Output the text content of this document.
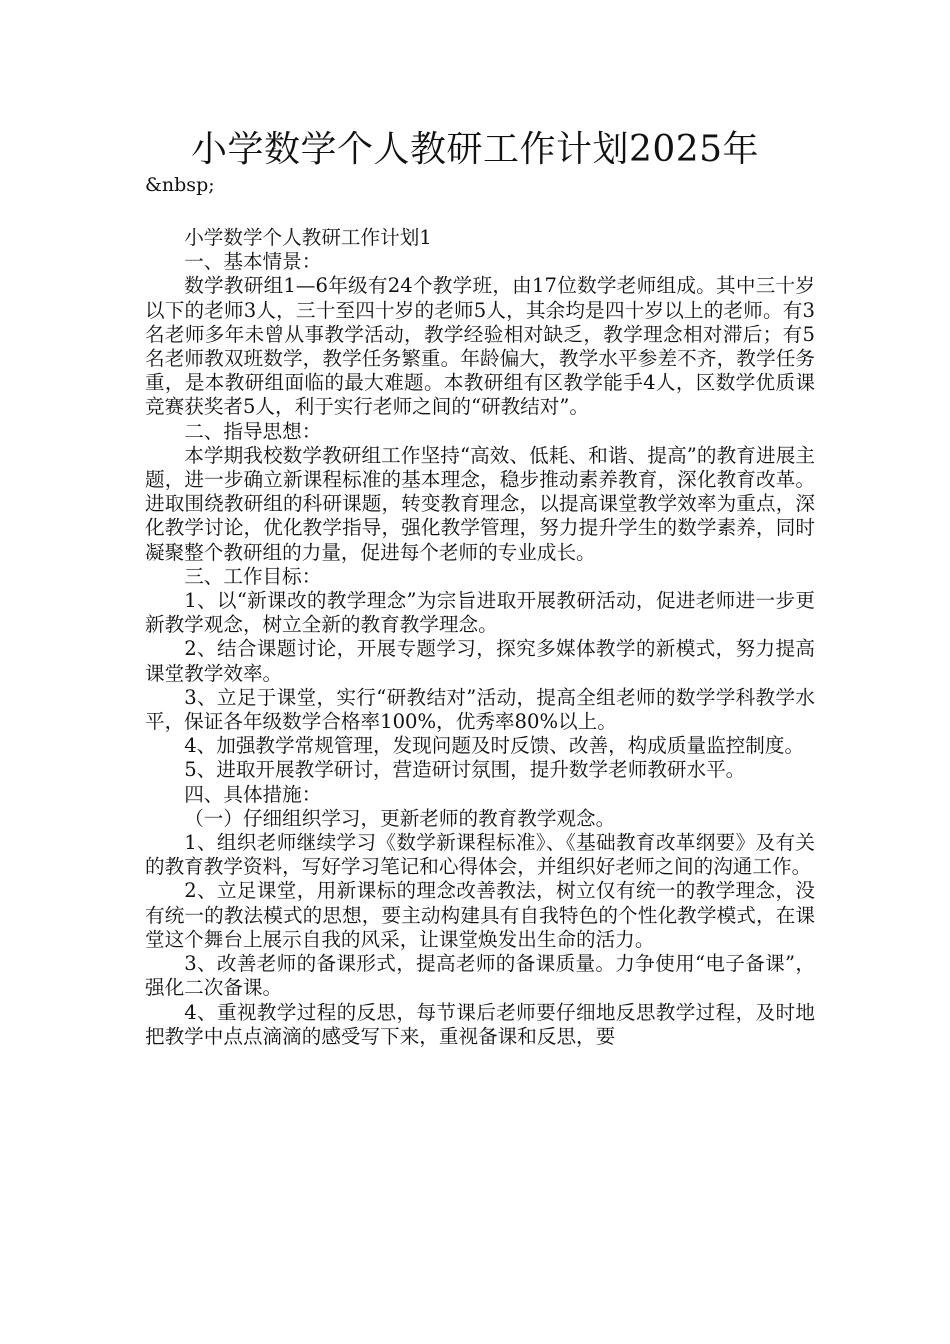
小学数学个人教研工作计划2025年
&nbsp;

小学数学个人教研工作计划1

一、基本情景：

数学教研组1—6年级有24个教学班，由17位数学老师组成。其中三十岁以下的老师3人，三十至四十岁的老师5人，其余均是四十岁以上的老师。有3名老师多年未曾从事教学活动，教学经验相对缺乏，教学理念相对滞后；有5名老师教双班数学，教学任务繁重。年龄偏大，教学水平参差不齐，教学任务重，是本教研组面临的最大难题。本教研组有区教学能手4人，区数学优质课竞赛获奖者5人，利于实行老师之间的“研教结对”。

二、指导思想：

本学期我校数学教研组工作坚持“高效、低耗、和谐、提高”的教育进展主题，进一步确立新课程标准的基本理念，稳步推动素养教育，深化教育改革。进取围绕教研组的科研课题，转变教育理念，以提高课堂教学效率为重点，深化教学讨论，优化教学指导，强化教学管理，努力提升学生的数学素养，同时凝聚整个教研组的力量，促进每个老师的专业成长。

三、工作目标：

1、以“新课改的教学理念”为宗旨进取开展教研活动，促进老师进一步更新教学观念，树立全新的教育教学理念。

2、结合课题讨论，开展专题学习，探究多媒体教学的新模式，努力提高课堂教学效率。

3、立足于课堂，实行“研教结对”活动，提高全组老师的数学学科教学水平，保证各年级数学合格率100%，优秀率80%以上。

4、加强教学常规管理，发现问题及时反馈、改善，构成质量监控制度。

5、进取开展教学研讨，营造研讨氛围，提升数学老师教研水平。

四、具体措施：

（一）仔细组织学习，更新老师的教育教学观念。

1、组织老师继续学习《数学新课程标准》、《基础教育改革纲要》及有关的教育教学资料，写好学习笔记和心得体会，并组织好老师之间的沟通工作。

2、立足课堂，用新课标的理念改善教法，树立仅有统一的教学理念，没有统一的教法模式的思想，要主动构建具有自我特色的个性化教学模式，在课堂这个舞台上展示自我的风采，让课堂焕发出生命的活力。

3、改善老师的备课形式，提高老师的备课质量。力争使用“电子备课”，强化二次备课。

4、重视教学过程的反思，每节课后老师要仔细地反思教学过程，及时地把教学中点点滴滴的感受写下来，重视备课和反思，要
